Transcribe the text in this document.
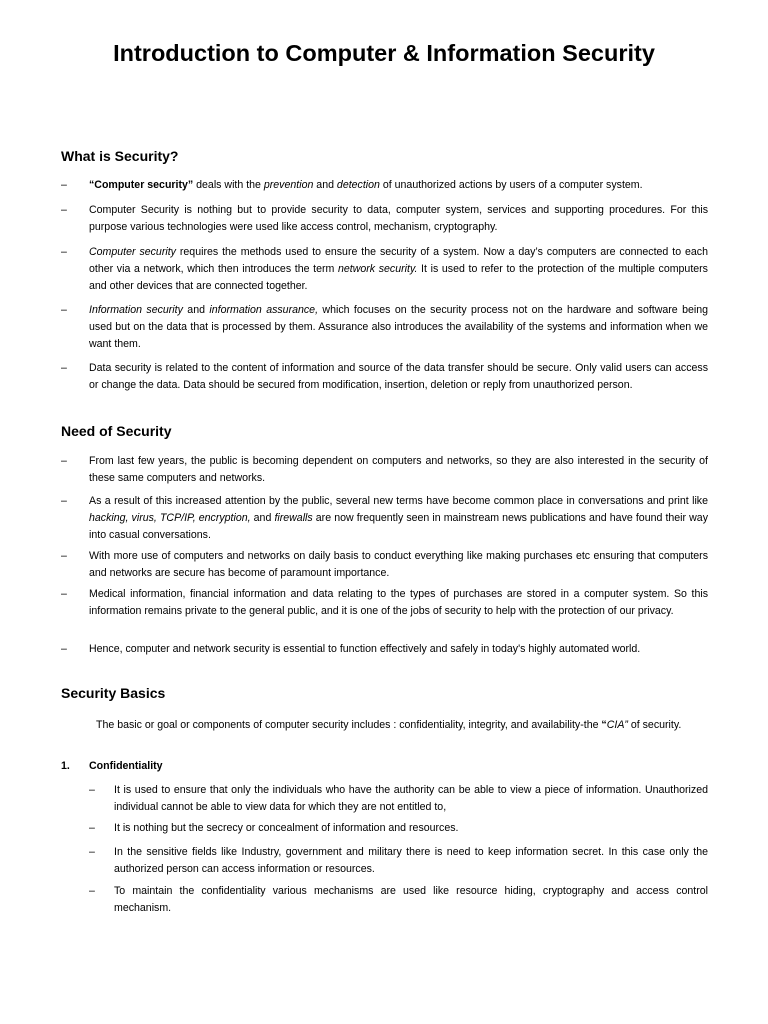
Introduction to Computer & Information Security
What is Security?
– “Computer security” deals with the prevention and detection of unauthorized actions by users of a computer system.
– Computer Security is nothing but to provide security to data, computer system, services and supporting procedures. For this purpose various technologies were used like access control, mechanism, cryptography.
– Computer security requires the methods used to ensure the security of a system. Now a day’s computers are connected to each other via a network, which then introduces the term network security. It is used to refer to the protection of the multiple computers and other devices that are connected together.
– Information security and information assurance, which focuses on the security process not on the hardware and software being used but on the data that is processed by them. Assurance also introduces the availability of the systems and information when we want them.
– Data security is related to the content of information and source of the data transfer should be secure. Only valid users can access or change the data. Data should be secured from modification, insertion, deletion or reply from unauthorized person.
Need of Security
– From last few years, the public is becoming dependent on computers and networks, so they are also interested in the security of these same computers and networks.
– As a result of this increased attention by the public, several new terms have become common place in conversations and print like hacking, virus, TCP/IP, encryption, and firewalls are now frequently seen in mainstream news publications and have found their way into casual conversations.
– With more use of computers and networks on daily basis to conduct everything like making purchases etc ensuring that computers and networks are secure has become of paramount importance.
– Medical information, financial information and data relating to the types of purchases are stored in a computer system. So this information remains private to the general public, and it is one of the jobs of security to help with the protection of our privacy.
– Hence, computer and network security is essential to function effectively and safely in today's highly automated world.
Security Basics
The basic or goal or components of computer security includes : confidentiality, integrity, and availability-the “CIA” of security.
1. Confidentiality
– It is used to ensure that only the individuals who have the authority can be able to view a piece of information. Unauthorized individual cannot be able to view data for which they are not entitled to,
– It is nothing but the secrecy or concealment of information and resources.
– In the sensitive fields like Industry, government and military there is need to keep information secret. In this case only the authorized person can access information or resources.
– To maintain the confidentiality various mechanisms are used like resource hiding, cryptography and access control mechanism.
